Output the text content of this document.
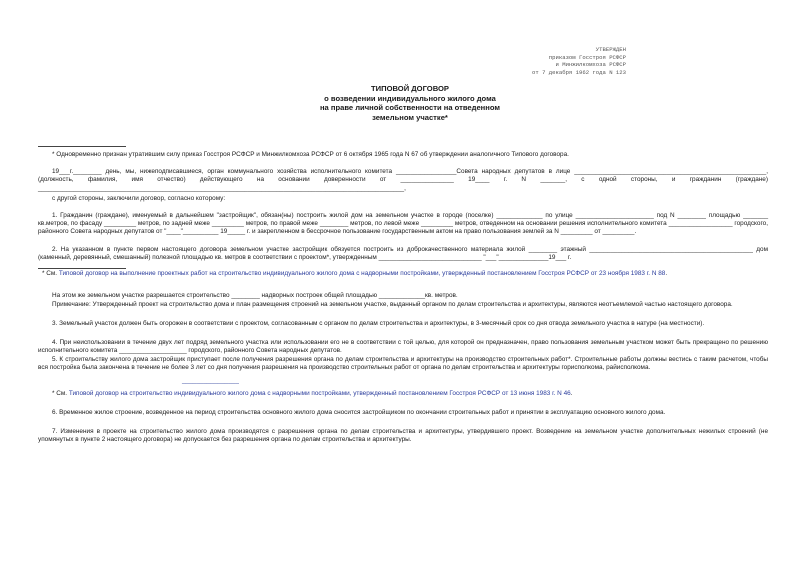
УТВЕРЖДЕН
приказом Госстроя РСФСР
и Минжилкомхоза РСФСР
от 7 декабря 1962 года N 123
ТИПОВОЙ ДОГОВОР
о возведении индивидуального жилого дома
на праве личной собственности на отведенном
земельном участке*

* Одновременно признан утратившим силу приказ Госстроя РСФСР и Минжилкомхоза РСФСР от 6 октября 1965 года N 67 об утверждении аналогичного Типового договора.

19___г.________ день, мы, нижеподписавшиеся, орган коммунального хозяйства исполнительного комитета _________________Совета народных депутатов в лице ______________________________________________________, (должность, фамилия, имя отчество) действующего на основании доверенности от _______________ 19____ г. N _______, с одной стороны, и гражданин (граждане) _______________________________________________________________________________________________________,

с другой стороны, заключили договор, согласно которому:

1. Гражданин (граждане), именуемый в дальнейшем "застройщик", обязан(ны) построить жилой дом на земельном участке в городе (поселке) _____________ по улице ______________________ под N ________ площадью _______ кв.метров, по фасаду _________ метров, по задней меже _________ метров, по правой меже ________ метров, по левой меже _________ метров, отведенном на основании решения исполнительного комитета __________________ городского, районного Совета народных депутатов от "____"__________ 19_____ г. и закрепленном в бессрочное пользование государственным актом на право пользования землей за N _________ от _________.

2. На указанном в пункте первом настоящего договора земельном участке застройщик обязуется построить из доброкачественного материала жилой ________ этажный ______________________________________________ дом (каменный, деревянный, смешанный) полезной площадью кв. метров в соответствии с проектом*, утвержденным _____________________________ "___"______________19___ г.

* См. Типовой договор на выполнение проектных работ на строительство индивидуального жилого дома с надворными постройками, утвержденный постановлением Госстроя РСФСР от 23 ноября 1983 г. N 88.

На этом же земельном участке разрешается строительство ________ надворных построек общей площадью _____________кв. метров.

Примечание: Утвержденный проект на строительство дома и план размещения строений на земельном участке, выданный органом по делам строительства и архитектуры, являются неотъемлемой частью настоящего договора.

3. Земельный участок должен быть огорожен в соответствии с проектом, согласованным с органом по делам строительства и архитектуры, в 3-месячный срок со дня отвода земельного участка в натуре (на местности).

4. При неиспользовании в течение двух лет подряд земельного участка или использовании его не в соответствии с той целью, для которой он предназначен, право пользования земельным участком может быть прекращено по решению исполнительного комитета ___________________ городского, районного Совета народных депутатов.

5. К строительству жилого дома застройщик приступает после получения разрешения органа по делам строительства и архитектуры на производство строительных работ*. Строительные работы должны вестись с таким расчетом, чтобы вся постройка была закончена в течение не более 3 лет со дня получения разрешения на производство строительных работ от органа по делам строительства и архитектуры горисполкома, райисполкома.

________________

* См. Типовой договор на строительство индивидуального жилого дома с надворными постройками, утвержденный постановлением Госстроя РСФСР от 13 июня 1983 г. N 46.

6. Временное жилое строение, возведенное на период строительства основного жилого дома сносится застройщиком по окончании строительных работ и принятии в эксплуатацию основного жилого дома.

7. Изменения в проекте на строительство жилого дома производятся с разрешения органа по делам строительства и архитектуры, утвердившего проект. Возведение на земельном участке дополнительных нежилых строений (не упомянутых в пункте 2 настоящего договора) не допускается без разрешения органа по делам строительства и архитектуры.
